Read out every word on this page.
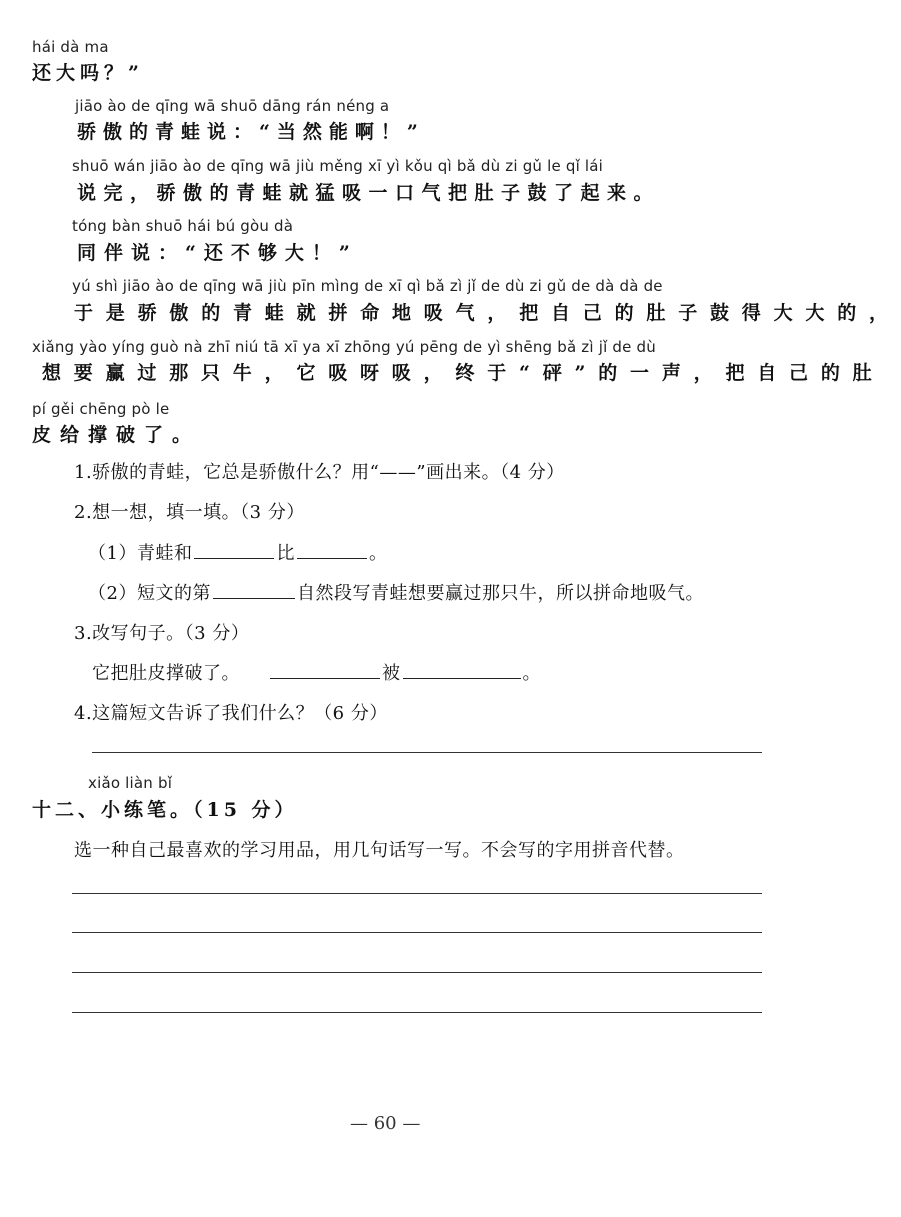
hái dà ma
还大吗？”
jiāo ào de qīng wā shuō dāng rán néng a
骄傲的青蛙说：“当然能啊！”
shuō wán jiāo ào de qīng wā jiù měng xī yì kǒu qì bǎ dù zi gǔ le qǐ lái
说完，骄傲的青蛙就猛吸一口气把肚子鼓了起来。
tóng bàn shuō hái bú gòu dà
同伴说：“还不够大！”
yú shì jiāo ào de qīng wā jiù pīn mìng de xī qì bǎ zì jǐ de dù zi gǔ de dà dà de
于是骄傲的青蛙就拼命地吸气，把自己的肚子鼓得大大的，
xiǎng yào yíng guò nà zhī niú tā xī ya xī zhōng yú pēng de yì shēng bǎ zì jǐ de dù
想要赢过那只牛，它吸呀吸，终于“砰”的一声，把自己的肚
pí gěi chēng pò le
皮给撑破了。
1.骄傲的青蛙，它总是骄傲什么？用“——”画出来。（4 分）
2.想一想，填一填。（3 分）
（1）青蛙和	比	。
（2）短文的第	自然段写青蛙想要赢过那只牛，所以拼命地吸气。
3.改写句子。（3 分）
它把肚皮撑破了。	被	。
4.这篇短文告诉了我们什么？（6 分）
xiǎo liàn bǐ
十二、小练笔。（15 分）
选一种自己最喜欢的学习用品，用几句话写一写。不会写的字用拼音代替。
— 60 —
